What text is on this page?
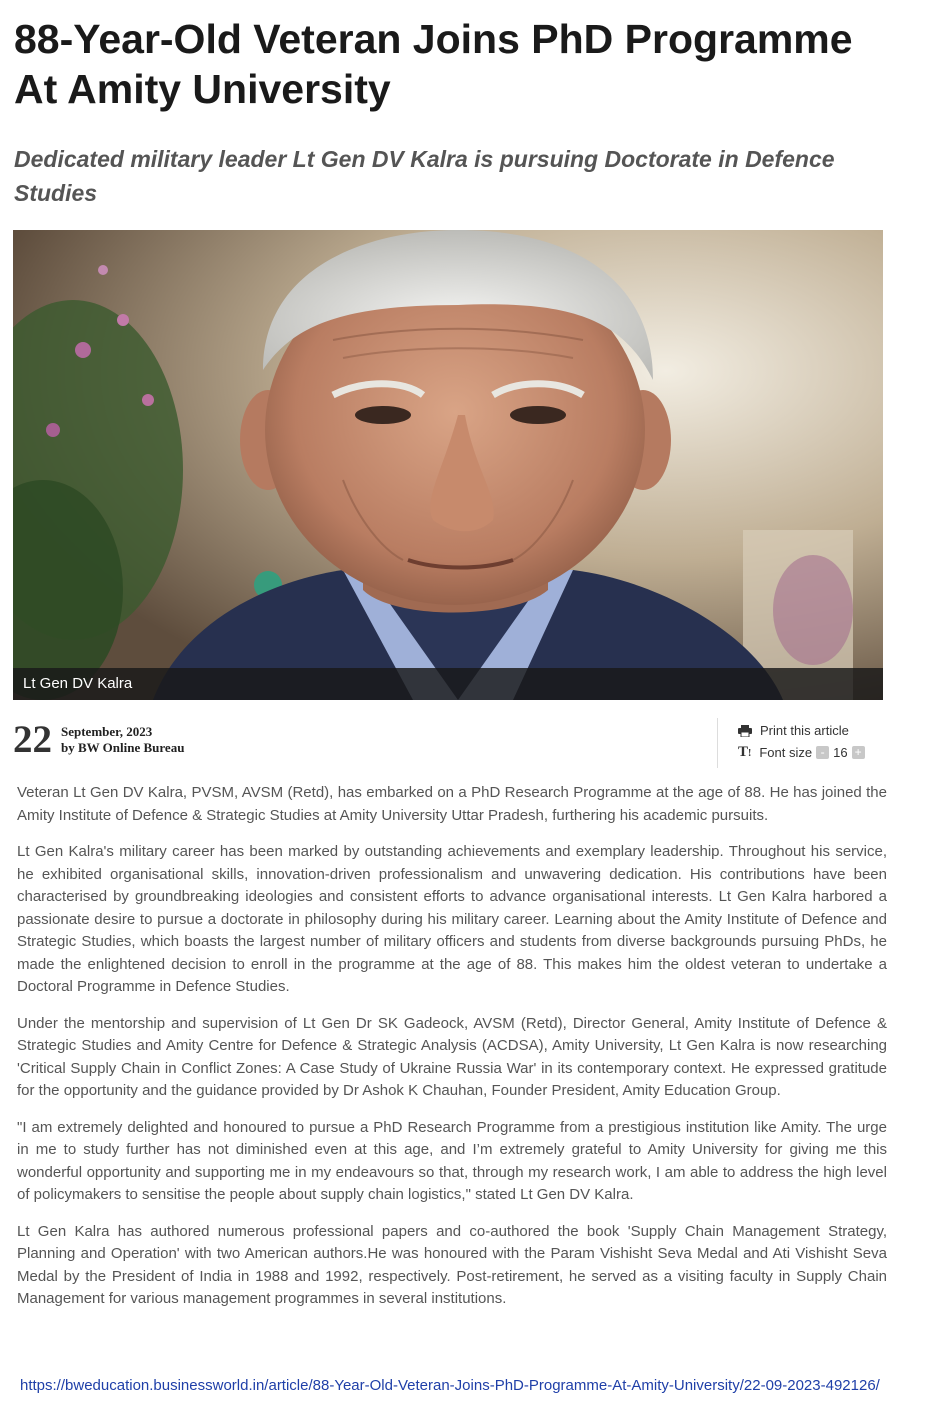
88-Year-Old Veteran Joins PhD Programme At Amity University
Dedicated military leader Lt Gen DV Kalra is pursuing Doctorate in Defence Studies
Lt Gen DV Kalra
22 September, 2023
by BW Online Bureau
Print this article
T! Font size - 16 +

Veteran Lt Gen DV Kalra, PVSM, AVSM (Retd), has embarked on a PhD Research Programme at the age of 88. He has joined the Amity Institute of Defence & Strategic Studies at Amity University Uttar Pradesh, furthering his academic pursuits.

Lt Gen Kalra's military career has been marked by outstanding achievements and exemplary leadership. Throughout his service, he exhibited organisational skills, innovation-driven professionalism and unwavering dedication. His contributions have been characterised by groundbreaking ideologies and consistent efforts to advance organisational interests. Lt Gen Kalra harbored a passionate desire to pursue a doctorate in philosophy during his military career. Learning about the Amity Institute of Defence and Strategic Studies, which boasts the largest number of military officers and students from diverse backgrounds pursuing PhDs, he made the enlightened decision to enroll in the programme at the age of 88. This makes him the oldest veteran to undertake a Doctoral Programme in Defence Studies.

Under the mentorship and supervision of Lt Gen Dr SK Gadeock, AVSM (Retd), Director General, Amity Institute of Defence & Strategic Studies and Amity Centre for Defence & Strategic Analysis (ACDSA), Amity University, Lt Gen Kalra is now researching 'Critical Supply Chain in Conflict Zones: A Case Study of Ukraine Russia War' in its contemporary context. He expressed gratitude for the opportunity and the guidance provided by Dr Ashok K Chauhan, Founder President, Amity Education Group.

"I am extremely delighted and honoured to pursue a PhD Research Programme from a prestigious institution like Amity. The urge in me to study further has not diminished even at this age, and I’m extremely grateful to Amity University for giving me this wonderful opportunity and supporting me in my endeavours so that, through my research work, I am able to address the high level of policymakers to sensitise the people about supply chain logistics," stated Lt Gen DV Kalra.

Lt Gen Kalra has authored numerous professional papers and co-authored the book 'Supply Chain Management Strategy, Planning and Operation' with two American authors.He was honoured with the Param Vishisht Seva Medal and Ati Vishisht Seva Medal by the President of India in 1988 and 1992, respectively. Post-retirement, he served as a visiting faculty in Supply Chain Management for various management programmes in several institutions.

https://bweducation.businessworld.in/article/88-Year-Old-Veteran-Joins-PhD-Programme-At-Amity-University/22-09-2023-492126/
